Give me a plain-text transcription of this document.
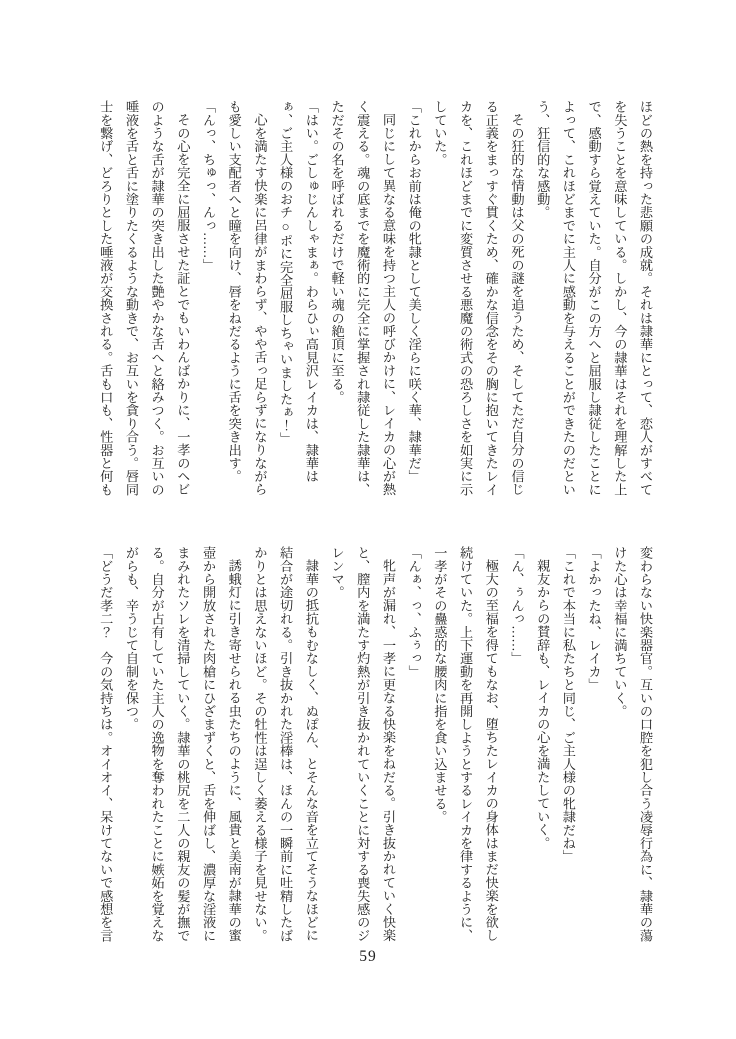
ほどの熱を持った悲願の成就。それは隷華にとって、恋人がすべてを失うことを意味している。しかし、今の隷華はそれを理解した上で、感動すら覚えていた。自分がこの方へと屈服し隷従したことによって、これほどまでに主人に感動を与えることができたのだという、狂信的な感動。

その狂的な情動は父の死の謎を追うため、そしてただ自分の信じる正義をまっすぐ貫くため、確かな信念をその胸に抱いてきたレイカを、これほどまでに変質させる悪魔の術式の恐ろしさを如実に示していた。

「これからお前は俺の牝隷として美しく淫らに咲く華、隷華だ」

同じにして異なる意味を持つ主人の呼びかけに、レイカの心が熱く震える。魂の底までを魔術的に完全に掌握され隷従した隷華は、ただその名を呼ばれるだけで軽い魂の絶頂に至る。

「はい。ごしゅじんしゃまぁ。わらひぃ高見沢レイカは、隷華はぁ、ご主人様のおチ○ポに完全屈服しちゃいましたぁ！」

心を満たす快楽に呂律がまわらず、やや舌っ足らずになりながらも愛しい支配者へと瞳を向け、唇をねだるように舌を突き出す。

「んっ、ちゅっ、んっ……」

その心を完全に屈服させた証とでもいわんばかりに、一孝のヘビのような舌が隷華の突き出した艶やかな舌へと絡みつく。お互いの唾液を舌と舌に塗りたくるような動きで、お互いを貪り合う。唇同士を繋げ、どろりとした唾液が交換される。舌も口も、性器と何も

変わらない快楽器官。互いの口腔を犯し合う凌辱行為に、隷華の蕩けた心は幸福に満ちていく。

「よかったね、レイカ」

「これで本当に私たちと同じ、ご主人様の牝隷だね」

親友からの賛辞も、レイカの心を満たしていく。

「ん、ぅんっ……」

極大の至福を得てもなお、堕ちたレイカの身体はまだ快楽を欲し続けていた。上下運動を再開しようとするレイカを律するように、一孝がその蠱惑的な腰肉に指を食い込ませる。

「んぁ、っ、ふぅっ」

牝声が漏れ、一孝に更なる快楽をねだる。引き抜かれていく快楽と、膣内を満たす灼熱が引き抜かれていくことに対する喪失感のジレンマ。

隷華の抵抗もむなしく、ぬぽん、とそんな音を立てそうなほどに結合が途切れる。引き抜かれた淫棒は、ほんの一瞬前に吐精したばかりとは思えないほど。その牡性は逞しく萎える様子を見せない。

誘蛾灯に引き寄せられる虫たちのように、風貴と美南が隷華の蜜壺から開放された肉槍にひざまずくと、舌を伸ばし、濃厚な淫液にまみれたソレを清掃していく。隷華の桃尻を二人の親友の髪が撫でる。自分が占有していた主人の逸物を奪われたことに嫉妬を覚えながらも、辛うじて自制を保つ。

「どうだ孝二？　今の気持ちは。オイオイ、呆けてないで感想を言

59
